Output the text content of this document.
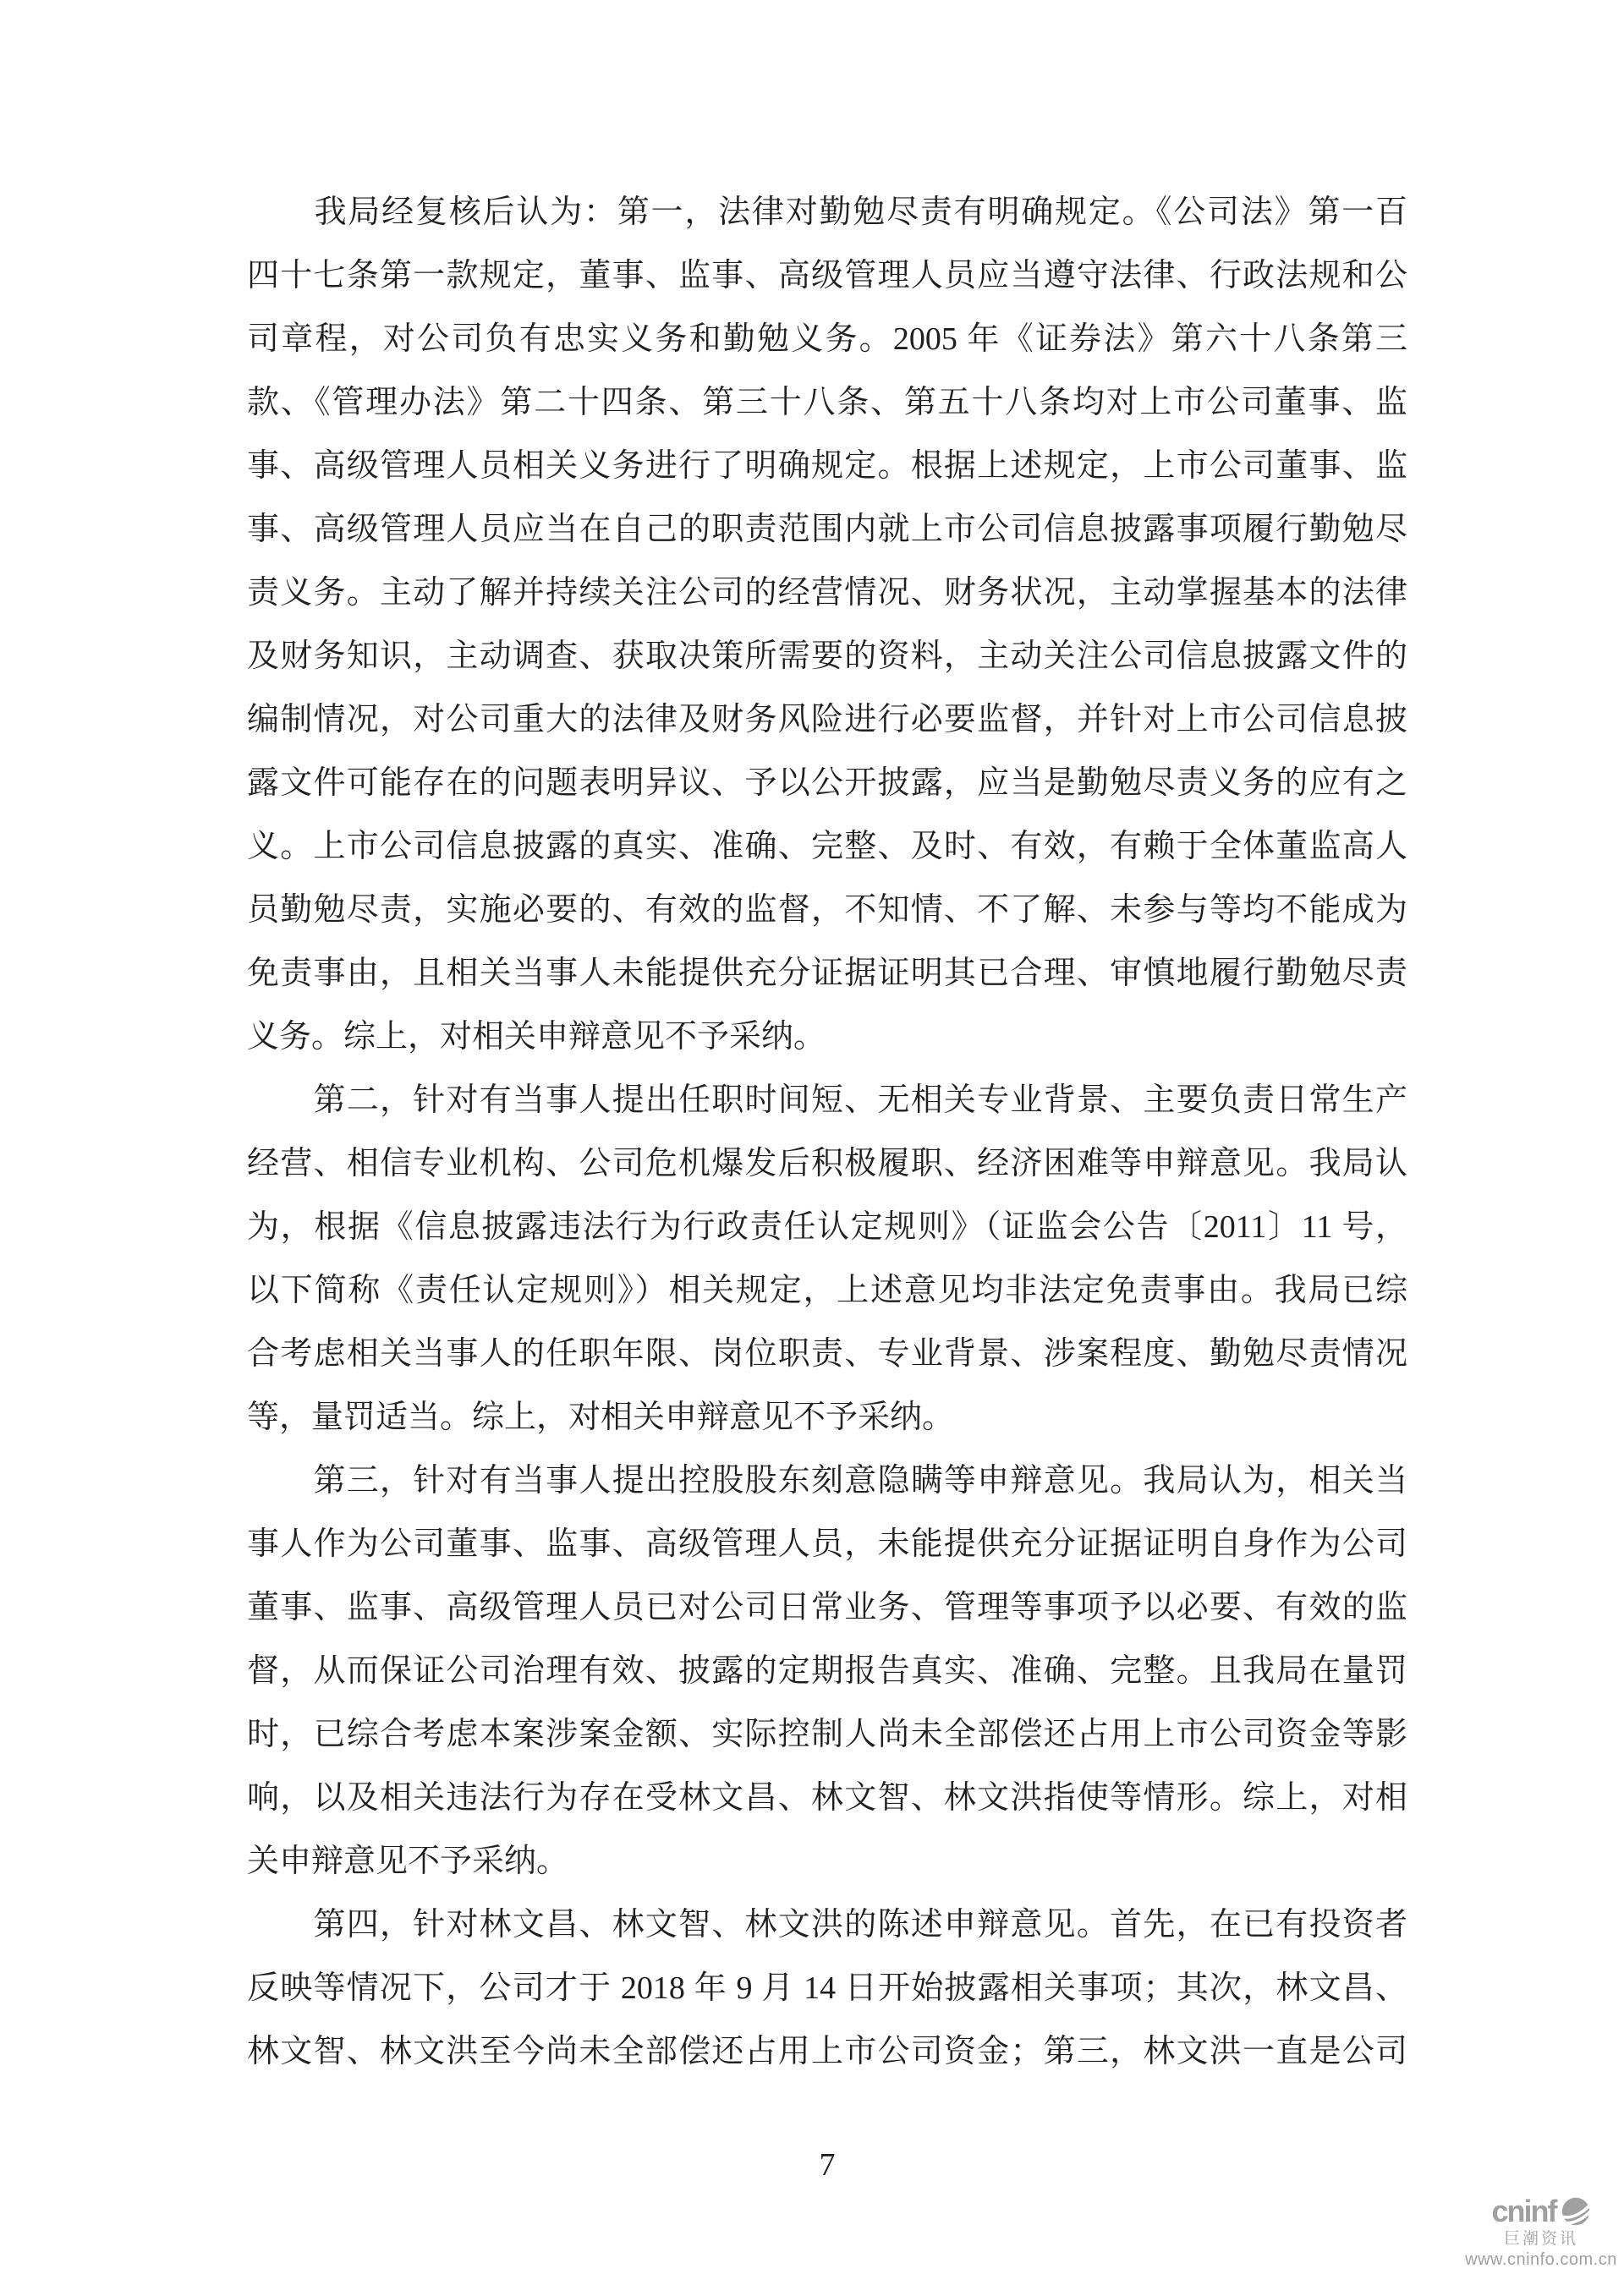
　　我局经复核后认为：第一，法律对勤勉尽责有明确规定。《公司法》第一百
四十七条第一款规定，董事、监事、高级管理人员应当遵守法律、行政法规和公
司章程，对公司负有忠实义务和勤勉义务。2005 年《证券法》第六十八条第三
款、《管理办法》第二十四条、第三十八条、第五十八条均对上市公司董事、监
事、高级管理人员相关义务进行了明确规定。根据上述规定，上市公司董事、监
事、高级管理人员应当在自己的职责范围内就上市公司信息披露事项履行勤勉尽
责义务。主动了解并持续关注公司的经营情况、财务状况，主动掌握基本的法律
及财务知识，主动调查、获取决策所需要的资料，主动关注公司信息披露文件的
编制情况，对公司重大的法律及财务风险进行必要监督，并针对上市公司信息披
露文件可能存在的问题表明异议、予以公开披露，应当是勤勉尽责义务的应有之
义。上市公司信息披露的真实、准确、完整、及时、有效，有赖于全体董监高人
员勤勉尽责，实施必要的、有效的监督，不知情、不了解、未参与等均不能成为
免责事由，且相关当事人未能提供充分证据证明其已合理、审慎地履行勤勉尽责
义务。综上，对相关申辩意见不予采纳。
　　第二，针对有当事人提出任职时间短、无相关专业背景、主要负责日常生产
经营、相信专业机构、公司危机爆发后积极履职、经济困难等申辩意见。我局认
为，根据《信息披露违法行为行政责任认定规则》（证监会公告〔2011〕11 号，
以下简称《责任认定规则》）相关规定，上述意见均非法定免责事由。我局已综
合考虑相关当事人的任职年限、岗位职责、专业背景、涉案程度、勤勉尽责情况
等，量罚适当。综上，对相关申辩意见不予采纳。
　　第三，针对有当事人提出控股股东刻意隐瞒等申辩意见。我局认为，相关当
事人作为公司董事、监事、高级管理人员，未能提供充分证据证明自身作为公司
董事、监事、高级管理人员已对公司日常业务、管理等事项予以必要、有效的监
督，从而保证公司治理有效、披露的定期报告真实、准确、完整。且我局在量罚
时，已综合考虑本案涉案金额、实际控制人尚未全部偿还占用上市公司资金等影
响，以及相关违法行为存在受林文昌、林文智、林文洪指使等情形。综上，对相
关申辩意见不予采纳。
　　第四，针对林文昌、林文智、林文洪的陈述申辩意见。首先，在已有投资者
反映等情况下，公司才于 2018 年 9 月 14 日开始披露相关事项；其次，林文昌、
林文智、林文洪至今尚未全部偿还占用上市公司资金；第三，林文洪一直是公司
7
cninf
巨潮资讯
www.cninfo.com.cn
